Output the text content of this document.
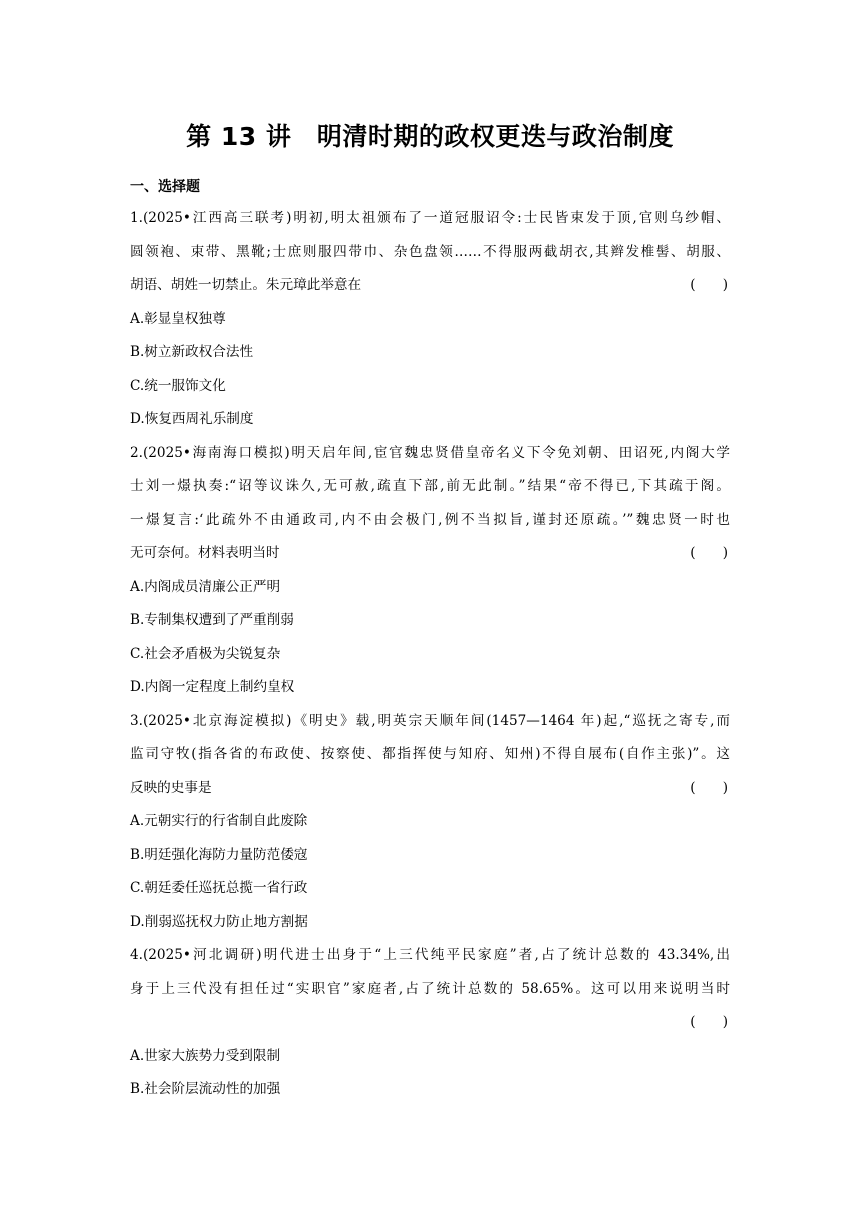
第 13 讲　明清时期的政权更迭与政治制度
一、选择题
1.(2025•江西高三联考)明初,明太祖颁布了一道冠服诏令:士民皆束发于顶,官则乌纱帽、
圆领袍、束带、黑靴;士庶则服四带巾、杂色盘领……不得服两截胡衣,其辫发椎髻、胡服、
胡语、胡姓一切禁止。朱元璋此举意在	(　　)
A.彰显皇权独尊
B.树立新政权合法性
C.统一服饰文化
D.恢复西周礼乐制度
2.(2025•海南海口模拟)明天启年间,宦官魏忠贤借皇帝名义下令免刘朝、田诏死,内阁大学
士刘一燝执奏:“诏等议诛久,无可赦,疏直下部,前无此制。”结果“帝不得已,下其疏于阁。
一燝复言:‘此疏外不由通政司,内不由会极门,例不当拟旨,谨封还原疏。’”魏忠贤一时也
无可奈何。材料表明当时	(　　)
A.内阁成员清廉公正严明
B.专制集权遭到了严重削弱
C.社会矛盾极为尖锐复杂
D.内阁一定程度上制约皇权
3.(2025•北京海淀模拟)《明史》载,明英宗天顺年间(1457—1464 年)起,“巡抚之寄专,而
监司守牧(指各省的布政使、按察使、都指挥使与知府、知州)不得自展布(自作主张)”。这
反映的史事是	(　　)
A.元朝实行的行省制自此废除
B.明廷强化海防力量防范倭寇
C.朝廷委任巡抚总揽一省行政
D.削弱巡抚权力防止地方割据
4.(2025•河北调研)明代进士出身于“上三代纯平民家庭”者,占了统计总数的 43.34%,出
身于上三代没有担任过“实职官”家庭者,占了统计总数的 58.65%。这可以用来说明当时
(　　)
A.世家大族势力受到限制
B.社会阶层流动性的加强
